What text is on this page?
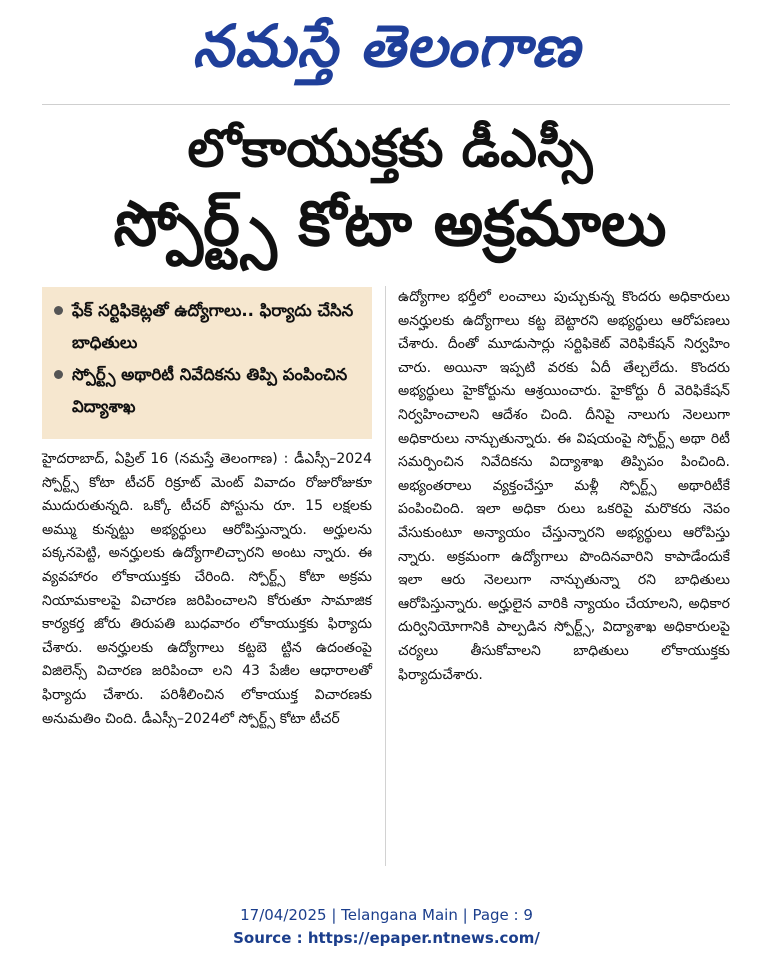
నమస్తే తెలంగాణ
లోకాయుక్తకు డీఎస్సీ
స్పోర్ట్స్ కోటా అక్రమాలు
ఫేక్ సర్టిఫికెట్లతో ఉద్యోగాలు.. ఫిర్యాదు చేసిన బాధితులు
స్పోర్ట్స్ అథారిటీ నివేదికను తిప్పి పంపించిన విద్యాశాఖ
హైదరాబాద్, ఏప్రిల్ 16 (నమస్తే తెలంగాణ) : డీఎస్సీ–2024 స్పోర్ట్స్ కోటా టీచర్ రిక్రూట్ మెంట్ వివాదం రోజురోజుకూ ముదురుతున్నది. ఒక్కో టీచర్ పోస్టును రూ. 15 లక్షలకు అమ్ము కున్నట్టు అభ్యర్థులు ఆరోపిస్తున్నారు. అర్హులను పక్కనపెట్టి, అనర్హులకు ఉద్యోగాలిచ్చారని అంటు న్నారు. ఈ వ్యవహారం లోకాయుక్తకు చేరింది. స్పోర్ట్స్ కోటా అక్రమ నియామకాలపై విచారణ జరిపించాలని కోరుతూ సామాజిక కార్యకర్త జోరు తిరుపతి బుధవారం లోకాయుక్తకు ఫిర్యాదు చేశారు. అనర్హులకు ఉద్యోగాలు కట్టబె ట్టిన ఉదంతంపై విజిలెన్స్ విచారణ జరిపించా లని 43 పేజీల ఆధారాలతో ఫిర్యాదు చేశారు. పరిశీలించిన లోకాయుక్త విచారణకు అనుమతిం చింది. డీఎస్సీ–2024లో స్పోర్ట్స్ కోటా టీచర్
ఉద్యోగాల భర్తీలో లంచాలు పుచ్చుకున్న కొందరు అధికారులు అనర్హులకు ఉద్యోగాలు కట్ట బెట్టారని అభ్యర్థులు ఆరోపణలు చేశారు. దీంతో మూడుసార్లు సర్టిఫికెట్ వెరిఫికేషన్ నిర్వహిం చారు. అయినా ఇప్పటి వరకు ఏదీ తేల్చలేదు. కొందరు అభ్యర్థులు హైకోర్టును ఆశ్రయించారు. హైకోర్టు రీ వెరిఫికేషన్ నిర్వహించాలని ఆదేశం చింది. దీనిపై నాలుగు నెలలుగా అధికారులు నాన్చుతున్నారు. ఈ విషయంపై స్పోర్ట్స్ అథా రిటీ సమర్పించిన నివేదికను విద్యాశాఖ తిప్పిపం పించింది. అభ్యంతరాలు వ్యక్తంచేస్తూ మళ్లీ స్పోర్ట్స్ అథారిటీకే పంపించింది. ఇలా అధికా రులు ఒకరిపై మరొకరు నెపం వేసుకుంటూ అన్యాయం చేస్తున్నారని అభ్యర్థులు ఆరోపిస్తు న్నారు. అక్రమంగా ఉద్యోగాలు పొందినవారిని కాపాడేందుకే ఇలా ఆరు నెలలుగా నాన్చుతున్నా రని బాధితులు ఆరోపిస్తున్నారు. అర్హులైన వారికి న్యాయం చేయాలని, అధికార దుర్వినియోగానికి పాల్పడిన స్పోర్ట్స్, విద్యాశాఖ అధికారులపై చర్యలు తీసుకోవాలని బాధితులు లోకాయుక్తకు ఫిర్యాదుచేశారు.
17/04/2025 | Telangana Main | Page : 9
Source : https://epaper.ntnews.com/
